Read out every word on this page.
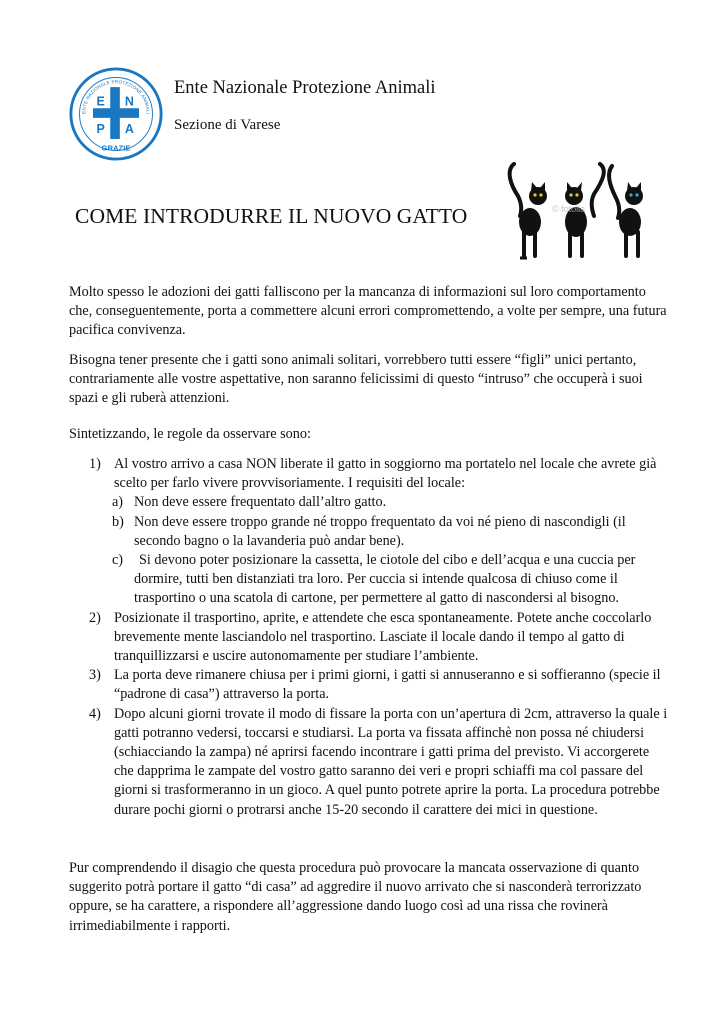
ENTE NAZIONALE PROTEZIONE ANIMALI
E N
P A
GRAZIE
Ente Nazionale Protezione Animali
Sezione di Varese
COME INTRODURRE IL NUOVO GATTO	© fotolia
Molto spesso le adozioni dei gatti falliscono per la mancanza di informazioni sul loro comportamento che, conseguentemente, porta a commettere alcuni errori compromettendo, a volte per sempre, una futura pacifica convivenza.
Bisogna tener presente che i gatti sono animali solitari, vorrebbero tutti essere “figli” unici pertanto, contrariamente alle vostre aspettative, non saranno felicissimi di questo “intruso” che occuperà i suoi spazi e gli ruberà attenzioni.
Sintetizzando, le regole da osservare sono:
1) Al vostro arrivo a casa NON liberate il gatto in soggiorno ma portatelo nel locale che avrete già scelto per farlo vivere provvisoriamente. I requisiti del locale:
a) Non deve essere frequentato dall’altro gatto.
b) Non deve essere troppo grande né troppo frequentato da voi né pieno di nascondigli (il secondo bagno o la lavanderia può andar bene).
c)	Si devono poter posizionare la cassetta, le ciotole del cibo e dell’acqua e una cuccia per dormire, tutti ben distanziati tra loro. Per cuccia si intende qualcosa di chiuso come il trasportino o una scatola di cartone, per permettere al gatto di nascondersi al bisogno.
2) Posizionate il trasportino, aprite, e attendete che esca spontaneamente. Potete anche coccolarlo brevemente mente lasciandolo nel trasportino. Lasciate il locale dando il tempo al gatto di tranquillizzarsi e uscire autonomamente per studiare l’ambiente.
3) La porta deve rimanere chiusa per i primi giorni, i gatti si annuseranno e si soffieranno (specie il “padrone di casa”) attraverso la porta.
4) Dopo alcuni giorni trovate il modo di fissare la porta con un’apertura di 2cm, attraverso la quale i gatti potranno vedersi, toccarsi e studiarsi. La porta va fissata affinchè non possa né chiudersi (schiacciando la zampa) né aprirsi facendo incontrare i gatti prima del previsto. Vi accorgerete che dapprima le zampate del vostro gatto saranno dei veri e propri schiaffi ma col passare del giorni si trasformeranno in un gioco. A quel punto potrete aprire la porta. La procedura potrebbe durare pochi giorni o protrarsi anche 15-20 secondo il carattere dei mici in questione.
Pur comprendendo il disagio che questa procedura può provocare la mancata osservazione di quanto suggerito potrà portare il gatto “di casa” ad aggredire il nuovo arrivato che si nasconderà terrorizzato oppure, se ha carattere, a rispondere all’aggressione dando luogo così ad una rissa che rovinerà irrimediabilmente i rapporti.
